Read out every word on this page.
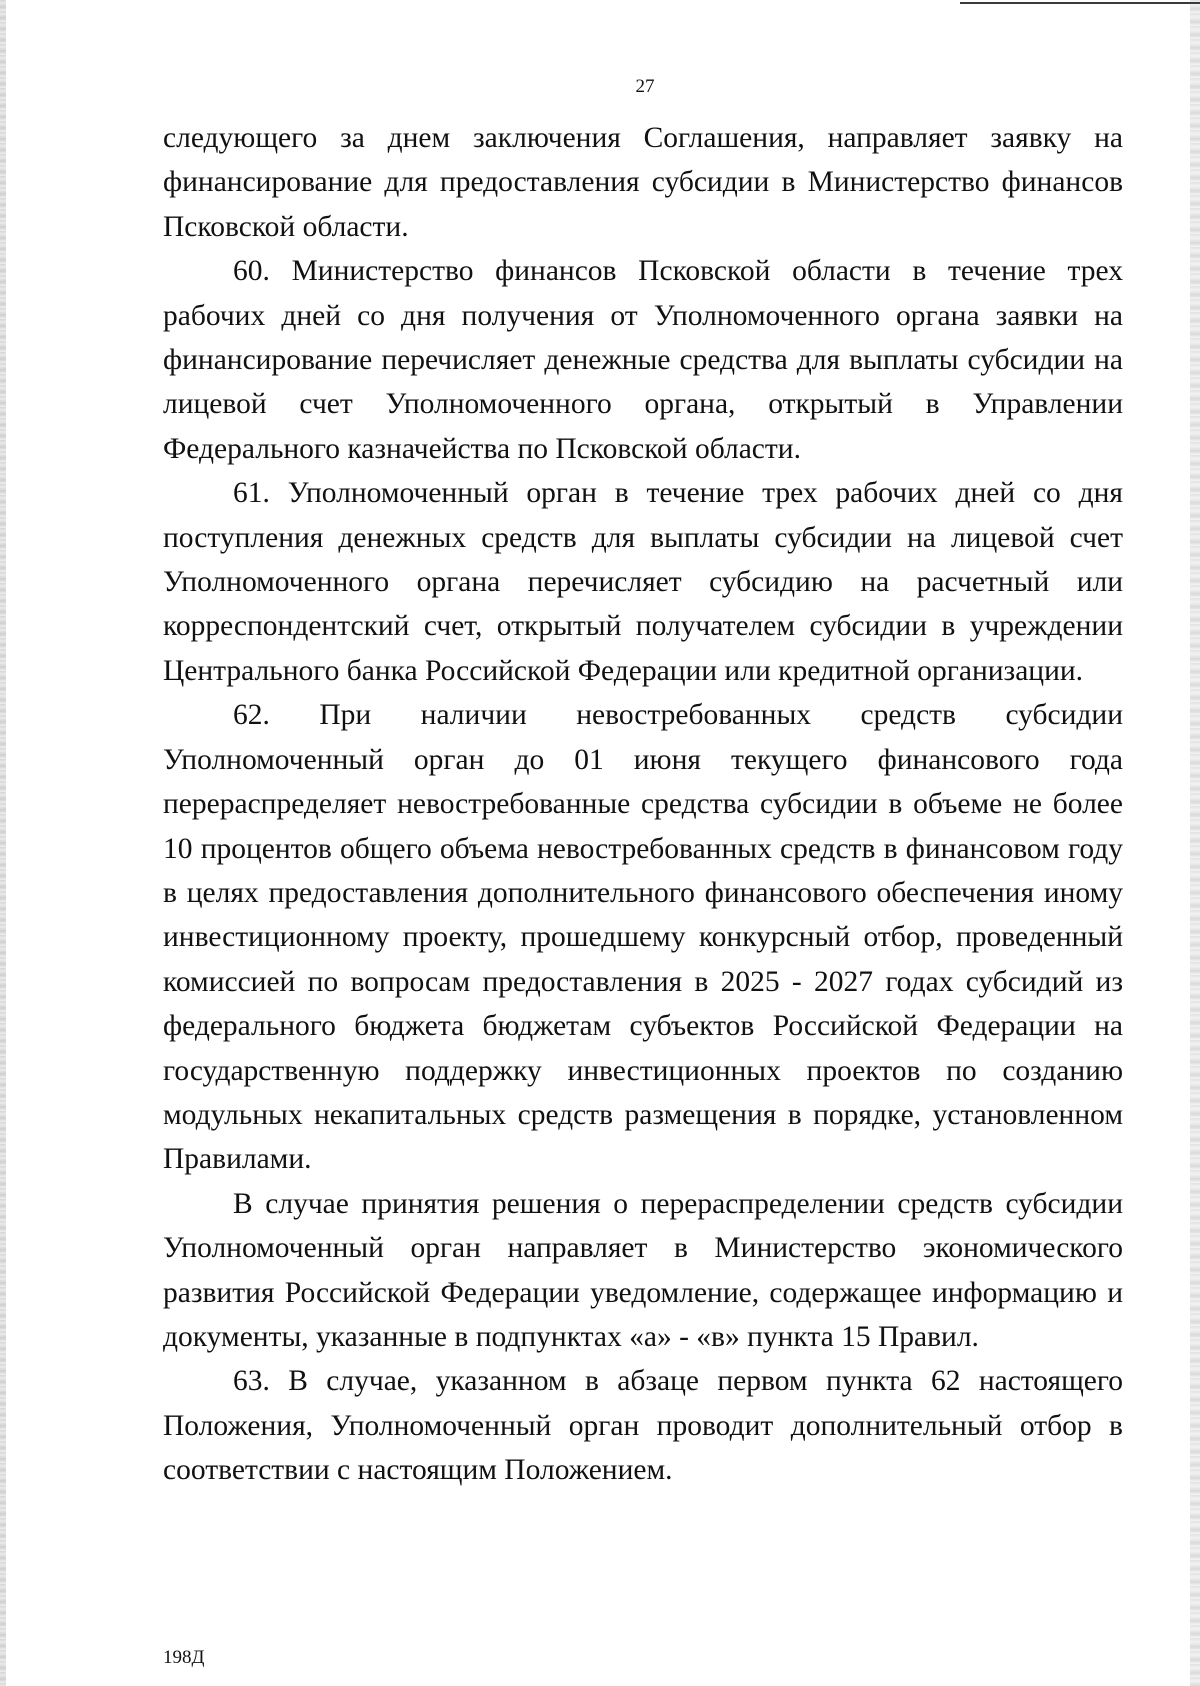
27

следующего за днем заключения Соглашения, направляет заявку на финансирование для предоставления субсидии в Министерство финансов Псковской области.

60. Министерство финансов Псковской области в течение трех рабочих дней со дня получения от Уполномоченного органа заявки на финансирование перечисляет денежные средства для выплаты субсидии на лицевой счет Уполномоченного органа, открытый в Управлении Федерального казначейства по Псковской области.

61. Уполномоченный орган в течение трех рабочих дней со дня поступления денежных средств для выплаты субсидии на лицевой счет Уполномоченного органа перечисляет субсидию на расчетный или корреспондентский счет, открытый получателем субсидии в учреждении Центрального банка Российской Федерации или кредитной организации.

62. При наличии невостребованных средств субсидии Уполномоченный орган до 01 июня текущего финансового года перераспределяет невостребованные средства субсидии в объеме не более 10 процентов общего объема невостребованных средств в финансовом году в целях предоставления дополнительного финансового обеспечения иному инвестиционному проекту, прошедшему конкурсный отбор, проведенный комиссией по вопросам предоставления в 2025 - 2027 годах субсидий из федерального бюджета бюджетам субъектов Российской Федерации на государственную поддержку инвестиционных проектов по созданию модульных некапитальных средств размещения в порядке, установленном Правилами.

В случае принятия решения о перераспределении средств субсидии Уполномоченный орган направляет в Министерство экономического развития Российской Федерации уведомление, содержащее информацию и документы, указанные в подпунктах «а» - «в» пункта 15 Правил.

63. В случае, указанном в абзаце первом пункта 62 настоящего Положения, Уполномоченный орган проводит дополнительный отбор в соответствии с настоящим Положением.

198Д
